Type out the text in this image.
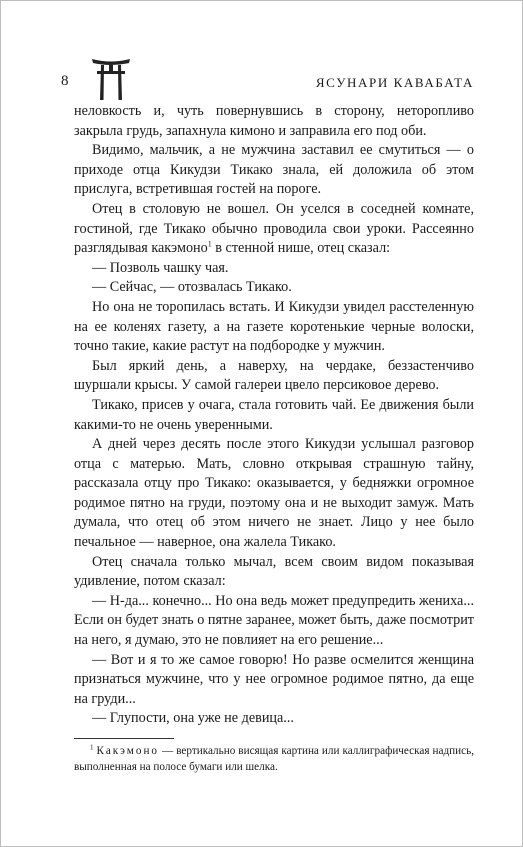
8	ЯСУНАРИ КАВАБАТА

неловкость и, чуть повернувшись в сторону, неторопливо закрыла грудь, запахнула кимоно и заправила его под оби.

Видимо, мальчик, а не мужчина заставил ее смутиться — о приходе отца Кикудзи Тикако знала, ей доложила об этом прислуга, встретившая гостей на пороге.

Отец в столовую не вошел. Он уселся в соседней комнате, гостиной, где Тикако обычно проводила свои уроки. Рассеянно разглядывая какэмоно$^1$ в стенной нише, отец сказал:

— Позволь чашку чая.

— Сейчас, — отозвалась Тикако.

Но она не торопилась встать. И Кикудзи увидел расстеленную на ее коленях газету, а на газете коротенькие черные волоски, точно такие, какие растут на подбородке у мужчин.

Был яркий день, а наверху, на чердаке, беззастенчиво шуршали крысы. У самой галереи цвело персиковое дерево.

Тикако, присев у очага, стала готовить чай. Ее движения были какими-то не очень уверенными.

А дней через десять после этого Кикудзи услышал разговор отца с матерью. Мать, словно открывая страшную тайну, рассказала отцу про Тикако: оказывается, у бедняжки огромное родимое пятно на груди, поэтому она и не выходит замуж. Мать думала, что отец об этом ничего не знает. Лицо у нее было печальное — наверное, она жалела Тикако.

Отец сначала только мычал, всем своим видом показывая удивление, потом сказал:

— Н-да... конечно... Но она ведь может предупредить жениха... Если он будет знать о пятне заранее, может быть, даже посмотрит на него, я думаю, это не повлияет на его решение...

— Вот и я то же самое говорю! Но разве осмелится женщина признаться мужчине, что у нее огромное родимое пятно, да еще на груди...

— Глупости, она уже не девица...

$^1$ Какэмоно — вертикально висящая картина или каллиграфическая надпись, выполненная на полосе бумаги или шелка.
